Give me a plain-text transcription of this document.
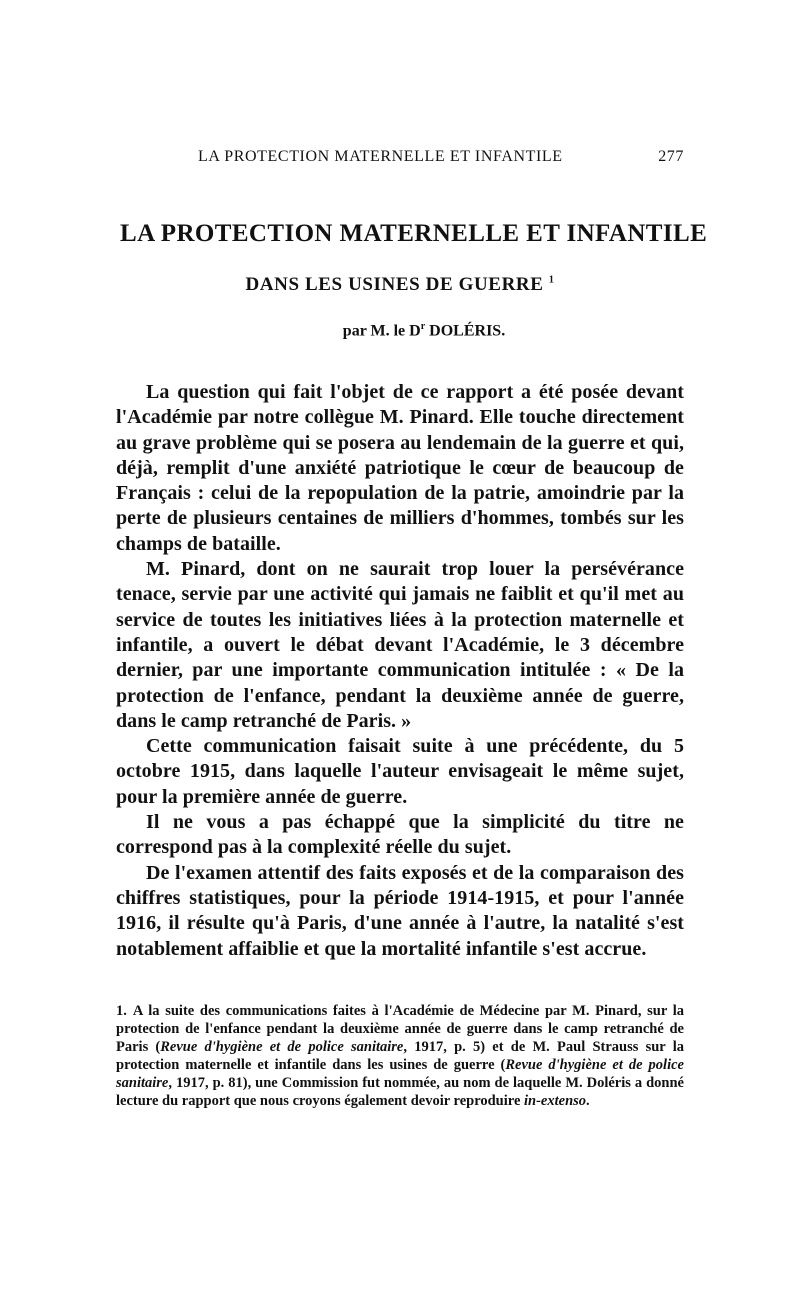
LA PROTECTION MATERNELLE ET INFANTILE	277
LA PROTECTION MATERNELLE ET INFANTILE
DANS LES USINES DE GUERRE $^1$
par M. le $D^r$ DOLÉRIS.

La question qui fait l'objet de ce rapport a été posée devant l'Académie par notre collègue M. Pinard. Elle touche directement au grave problème qui se posera au lendemain de la guerre et qui, déjà, remplit d'une anxiété patriotique le cœur de beaucoup de Français : celui de la repopulation de la patrie, amoindrie par la perte de plusieurs centaines de milliers d'hommes, tombés sur les champs de bataille.

M. Pinard, dont on ne saurait trop louer la persévérance tenace, servie par une activité qui jamais ne faiblit et qu'il met au service de toutes les initiatives liées à la protection maternelle et infantile, a ouvert le débat devant l'Académie, le 3 décembre dernier, par une importante communication intitulée : « De la protection de l'enfance, pendant la deuxième année de guerre, dans le camp retranché de Paris. »

Cette communication faisait suite à une précédente, du 5 octobre 1915, dans laquelle l'auteur envisageait le même sujet, pour la première année de guerre.

Il ne vous a pas échappé que la simplicité du titre ne correspond pas à la complexité réelle du sujet.

De l'examen attentif des faits exposés et de la comparaison des chiffres statistiques, pour la période 1914-1915, et pour l'année 1916, il résulte qu'à Paris, d'une année à l'autre, la natalité s'est notablement affaiblie et que la mortalité infantile s'est accrue.

1. A la suite des communications faites à l'Académie de Médecine par M. Pinard, sur la protection de l'enfance pendant la deuxième année de guerre dans le camp retranché de Paris (Revue d'hygiène et de police sanitaire, 1917, p. 5) et de M. Paul Strauss sur la protection maternelle et infantile dans les usines de guerre (Revue d'hygiène et de police sanitaire, 1917, p. 81), une Commission fut nommée, au nom de laquelle M. Doléris a donné lecture du rapport que nous croyons également devoir reproduire in-extenso.
